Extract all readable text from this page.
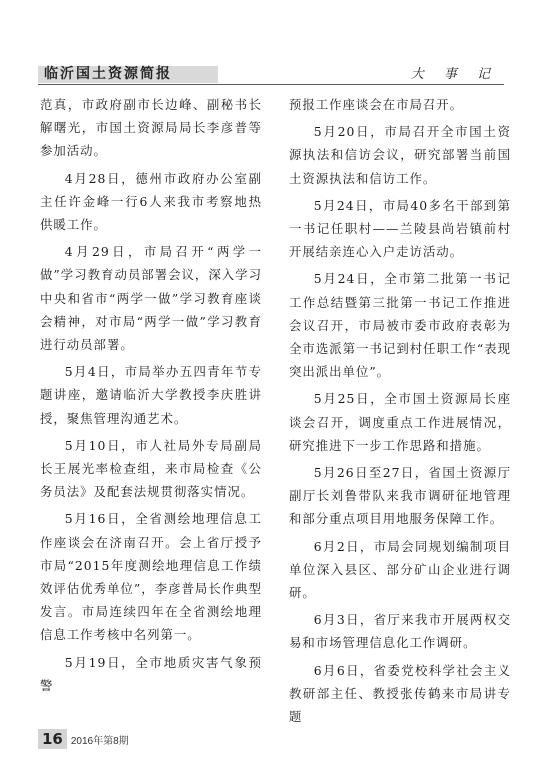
临沂国土资源简报	大 事 记

范真，市政府副市长边峰、副秘书长解曙光，市国土资源局局长李彦普等参加活动。

4月28日，德州市政府办公室副主任许金峰一行6人来我市考察地热供暖工作。

4月29日，市局召开“两学一做”学习教育动员部署会议，深入学习中央和省市“两学一做”学习教育座谈会精神，对市局“两学一做”学习教育进行动员部署。

5月4日，市局举办五四青年节专题讲座，邀请临沂大学教授李庆胜讲授，聚焦管理沟通艺术。

5月10日，市人社局外专局副局长王展光率检查组，来市局检查《公务员法》及配套法规贯彻落实情况。

5月16日，全省测绘地理信息工作座谈会在济南召开。会上省厅授予市局“2015年度测绘地理信息工作绩效评估优秀单位”，李彦普局长作典型发言。市局连续四年在全省测绘地理信息工作考核中名列第一。

5月19日，全市地质灾害气象预警

预报工作座谈会在市局召开。

5月20日，市局召开全市国土资源执法和信访会议，研究部署当前国土资源执法和信访工作。

5月24日，市局40多名干部到第一书记任职村——兰陵县尚岩镇前村开展结亲连心入户走访活动。

5月24日，全市第二批第一书记工作总结暨第三批第一书记工作推进会议召开，市局被市委市政府表彰为全市选派第一书记到村任职工作“表现突出派出单位”。

5月25日，全市国土资源局长座谈会召开，调度重点工作进展情况，研究推进下一步工作思路和措施。

5月26日至27日，省国土资源厅副厅长刘鲁带队来我市调研征地管理和部分重点项目用地服务保障工作。

6月2日，市局会同规划编制项目单位深入县区、部分矿山企业进行调研。

6月3日，省厅来我市开展两权交易和市场管理信息化工作调研。

6月6日，省委党校科学社会主义教研部主任、教授张传鹤来市局讲专题

16 2016年第8期
